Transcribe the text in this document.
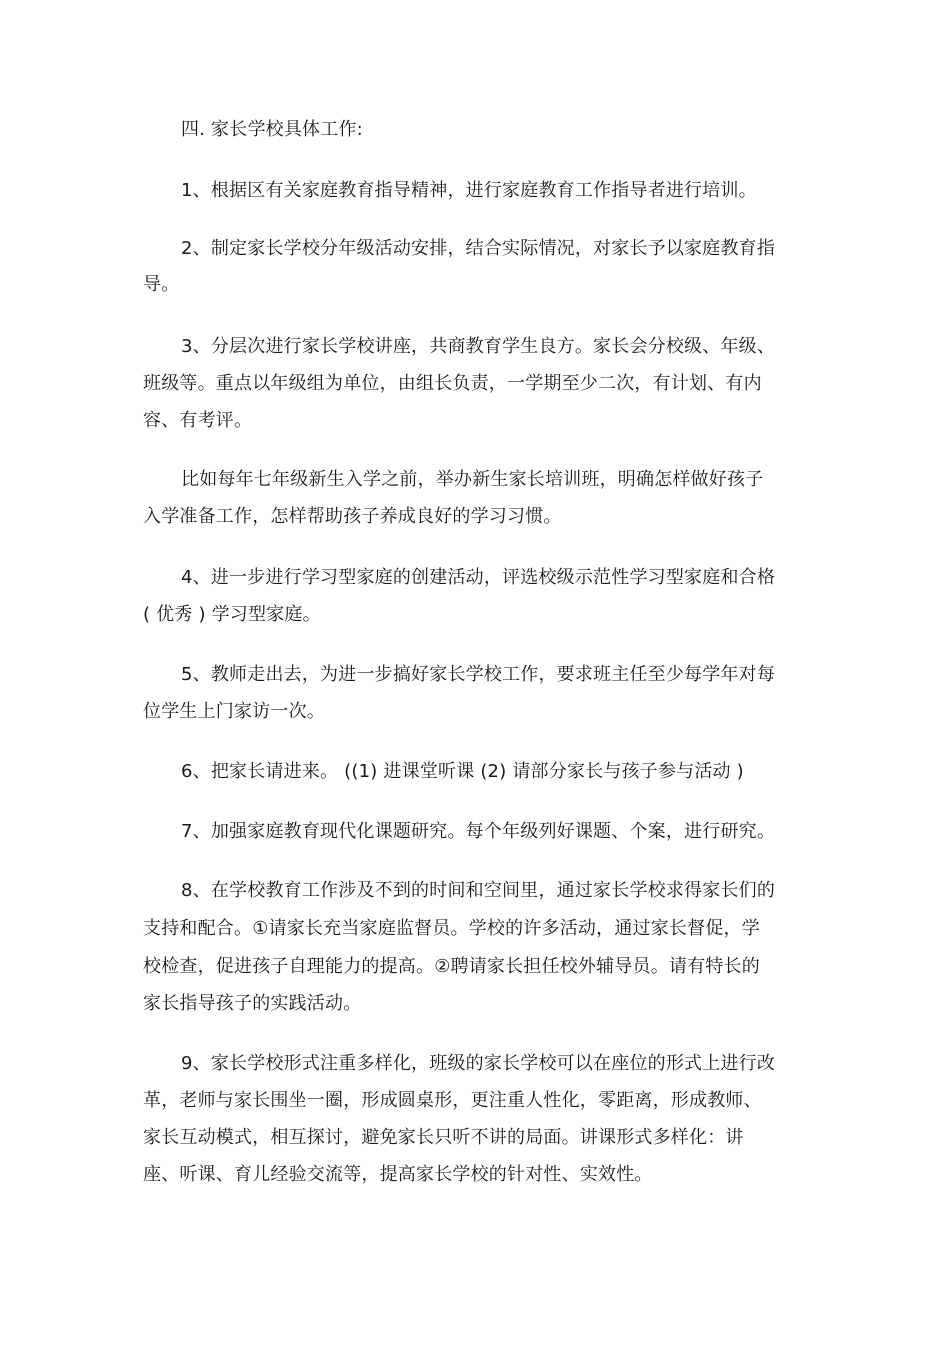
四. 家长学校具体工作:
1、根据区有关家庭教育指导精神，进行家庭教育工作指导者进行培训。
2、制定家长学校分年级活动安排，结合实际情况，对家长予以家庭教育指
导。
3、分层次进行家长学校讲座，共商教育学生良方。家长会分校级、年级、
班级等。重点以年级组为单位，由组长负责，一学期至少二次，有计划、有内
容、有考评。
比如每年七年级新生入学之前，举办新生家长培训班，明确怎样做好孩子
入学准备工作，怎样帮助孩子养成良好的学习习惯。
4、进一步进行学习型家庭的创建活动，评选校级示范性学习型家庭和合格
( 优秀 ) 学习型家庭。
5、教师走出去，为进一步搞好家长学校工作，要求班主任至少每学年对每
位学生上门家访一次。
6、把家长请进来。 ((1) 进课堂听课 (2) 请部分家长与孩子参与活动 )
7、加强家庭教育现代化课题研究。每个年级列好课题、个案，进行研究。
8、在学校教育工作涉及不到的时间和空间里，通过家长学校求得家长们的
支持和配合。①请家长充当家庭监督员。学校的许多活动，通过家长督促，学
校检查，促进孩子自理能力的提高。②聘请家长担任校外辅导员。请有特长的
家长指导孩子的实践活动。
9、家长学校形式注重多样化，班级的家长学校可以在座位的形式上进行改
革，老师与家长围坐一圈，形成圆桌形，更注重人性化，零距离，形成教师、
家长互动模式，相互探讨，避免家长只听不讲的局面。讲课形式多样化：讲
座、听课、育儿经验交流等，提高家长学校的针对性、实效性。
